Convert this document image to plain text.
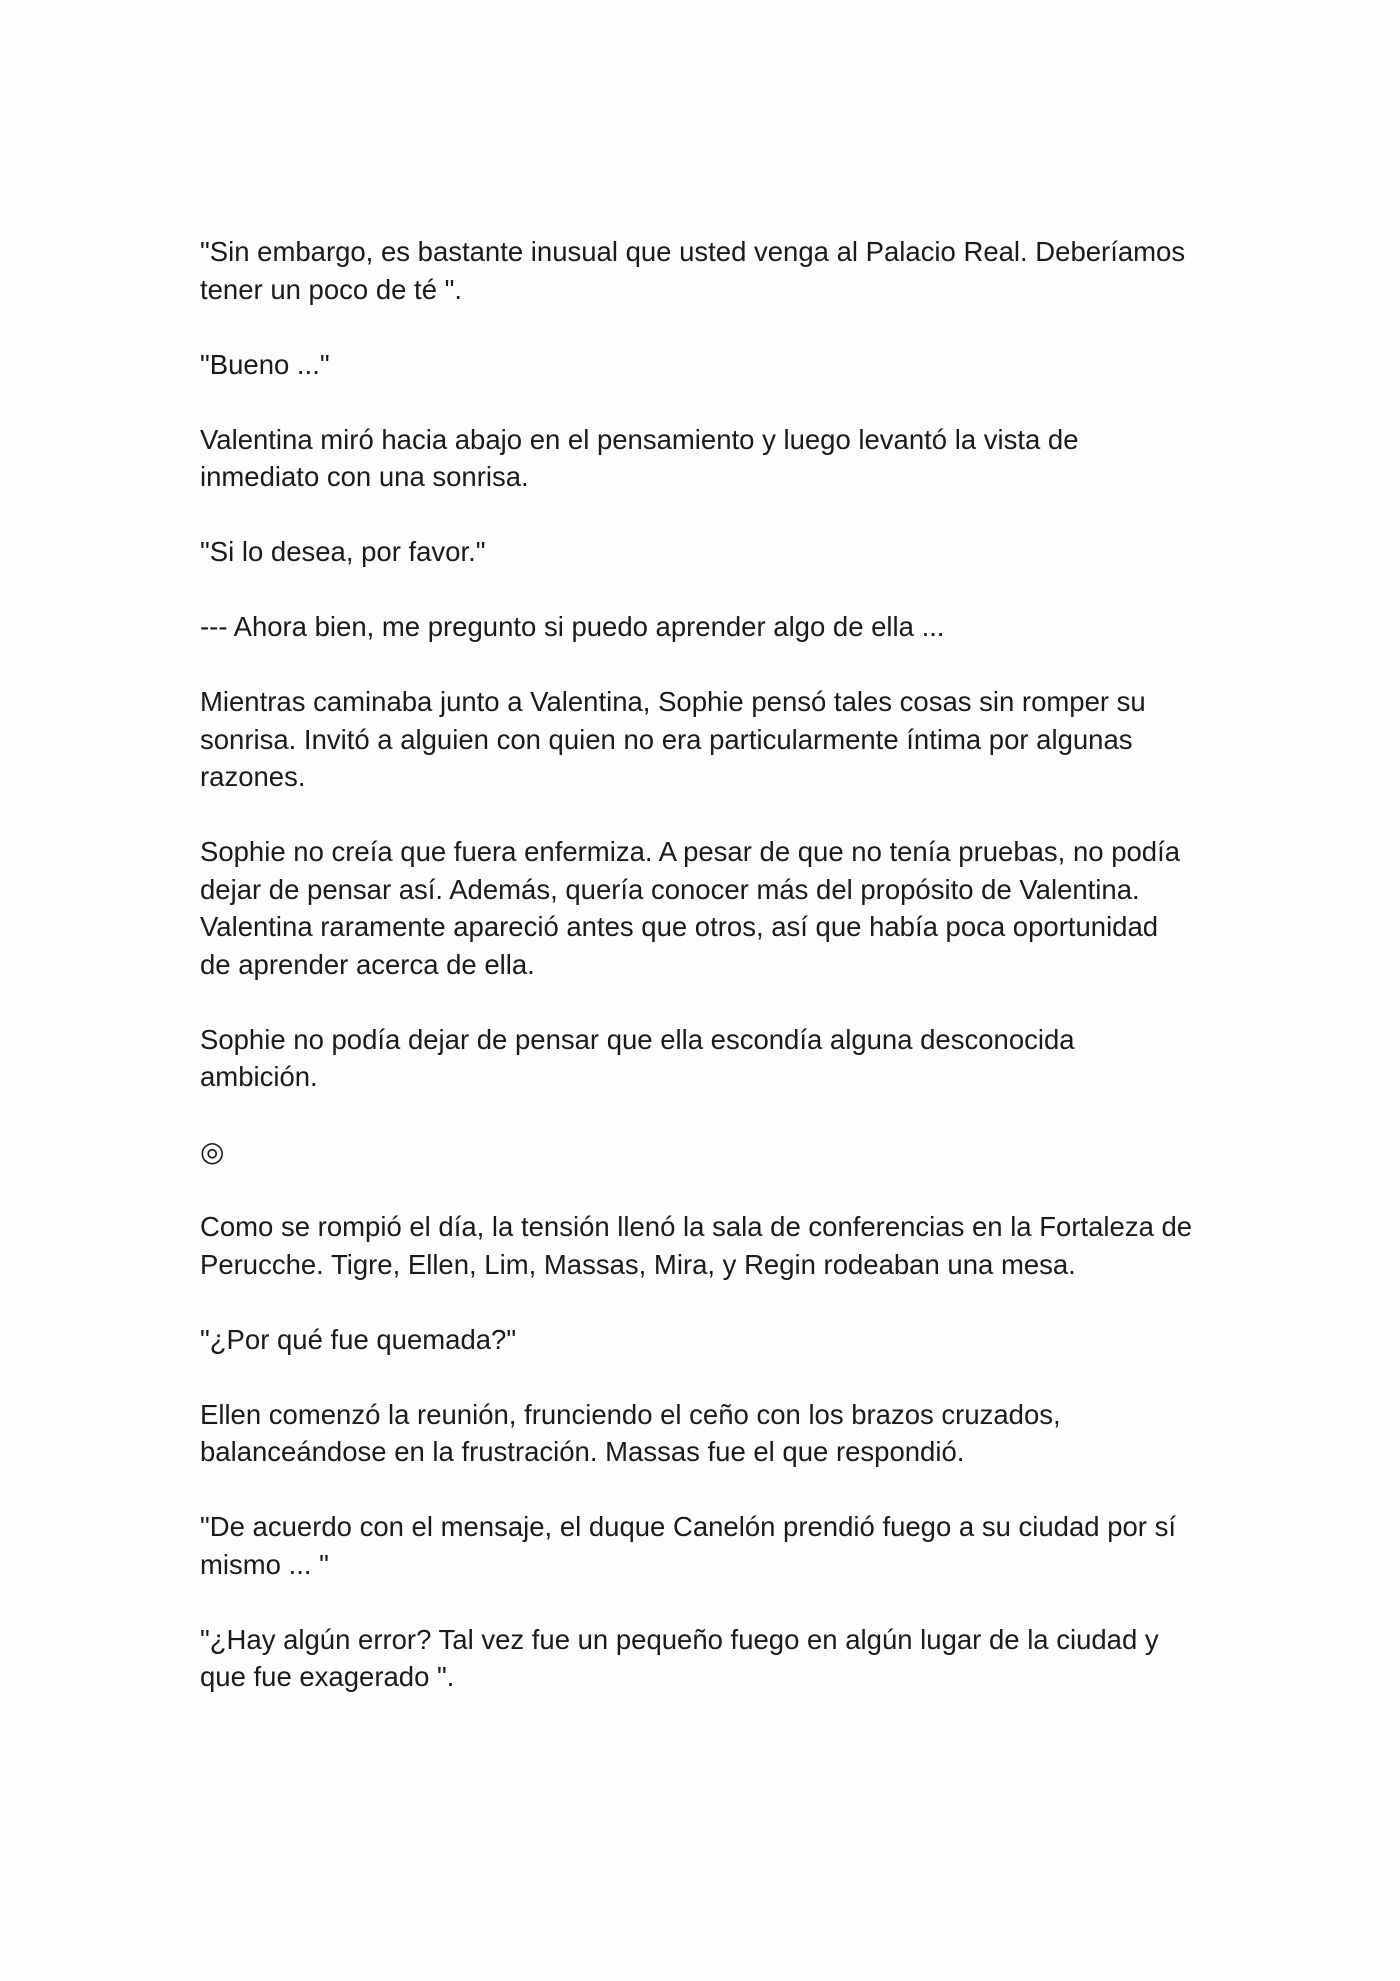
"Sin embargo, es bastante inusual que usted venga al Palacio Real. Deberíamos
tener un poco de té ".

"Bueno ..."

Valentina miró hacia abajo en el pensamiento y luego levantó la vista de
inmediato con una sonrisa.

"Si lo desea, por favor."

--- Ahora bien, me pregunto si puedo aprender algo de ella ...

Mientras caminaba junto a Valentina, Sophie pensó tales cosas sin romper su
sonrisa. Invitó a alguien con quien no era particularmente íntima por algunas
razones.

Sophie no creía que fuera enfermiza. A pesar de que no tenía pruebas, no podía
dejar de pensar así. Además, quería conocer más del propósito de Valentina.
Valentina raramente apareció antes que otros, así que había poca oportunidad
de aprender acerca de ella.

Sophie no podía dejar de pensar que ella escondía alguna desconocida
ambición.

◎

Como se rompió el día, la tensión llenó la sala de conferencias en la Fortaleza de
Perucche. Tigre, Ellen, Lim, Massas, Mira, y Regin rodeaban una mesa.

"¿Por qué fue quemada?"

Ellen comenzó la reunión, frunciendo el ceño con los brazos cruzados,
balanceándose en la frustración. Massas fue el que respondió.

"De acuerdo con el mensaje, el duque Canelón prendió fuego a su ciudad por sí
mismo ... "

"¿Hay algún error? Tal vez fue un pequeño fuego en algún lugar de la ciudad y
que fue exagerado ".
